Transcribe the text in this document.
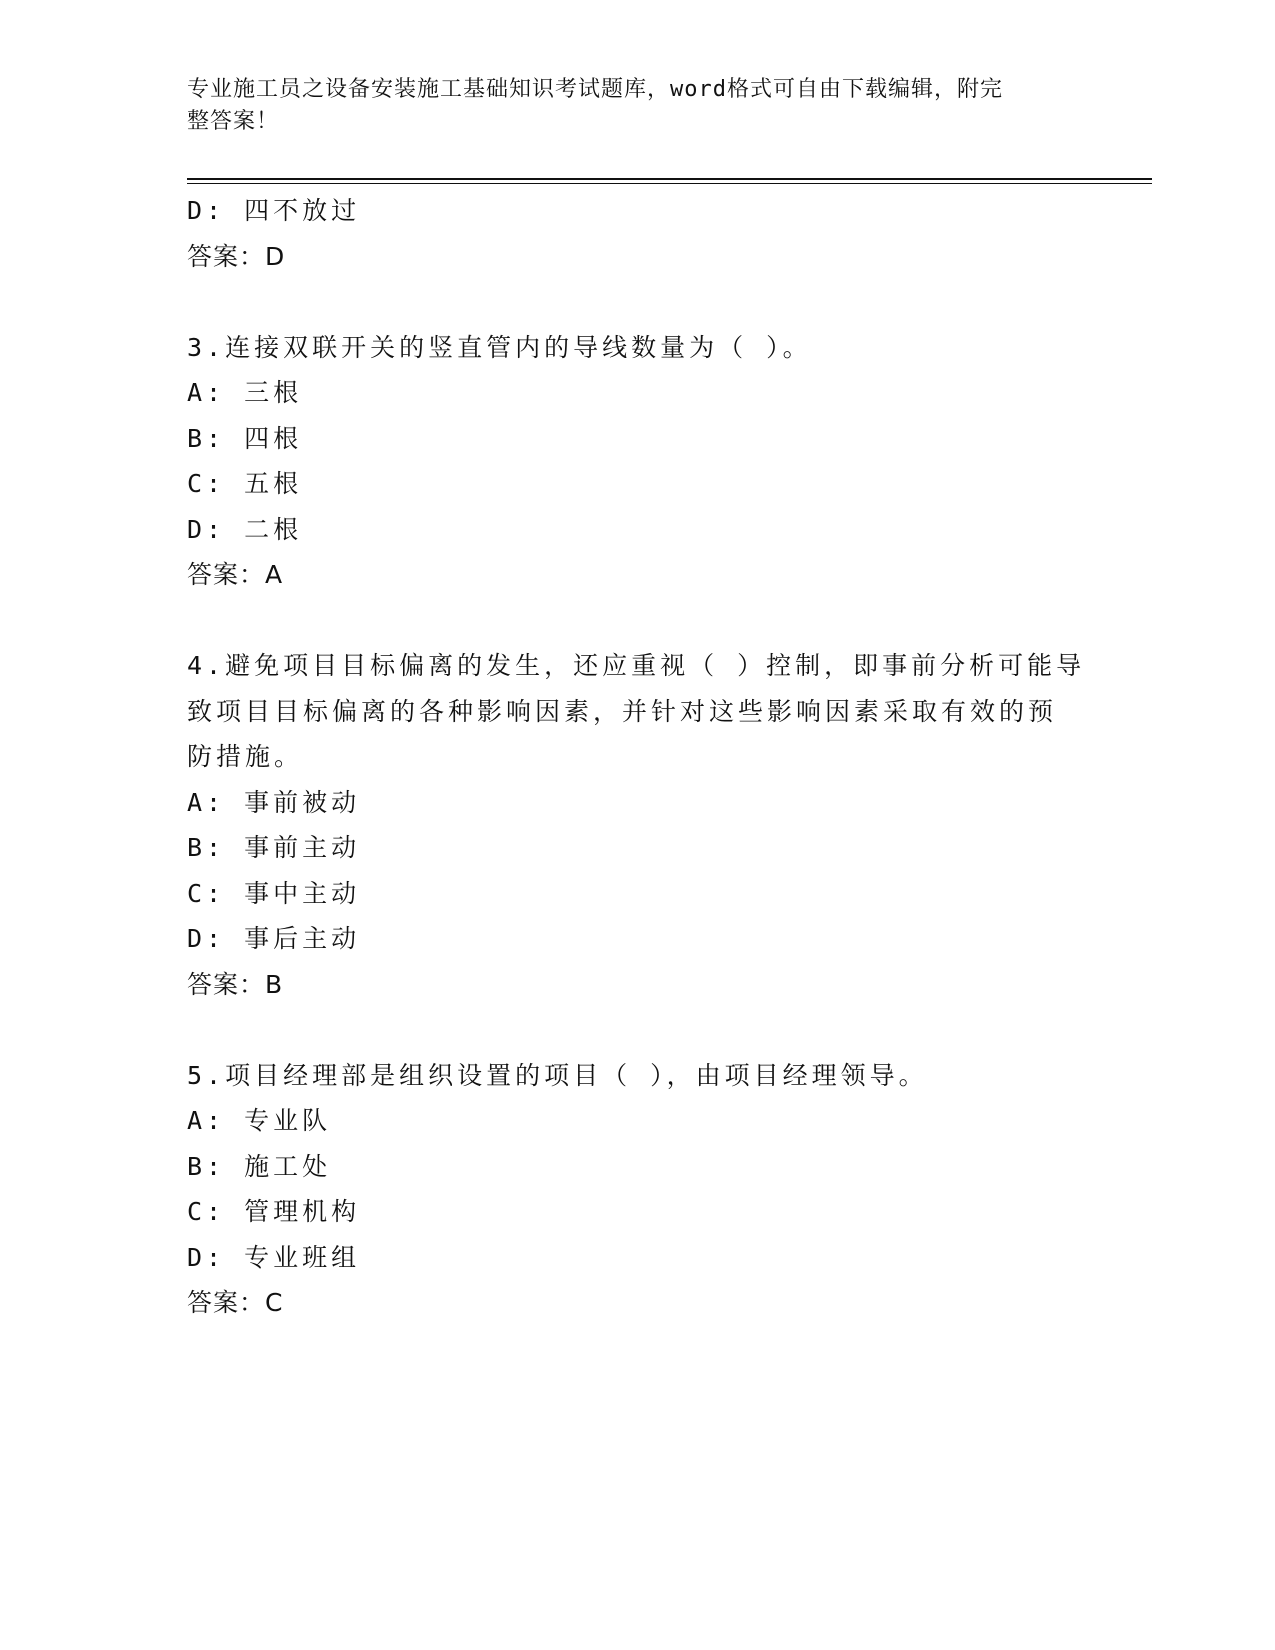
专业施工员之设备安装施工基础知识考试题库，word格式可自由下载编辑，附完
整答案！
D: 四不放过
答案：D
3.连接双联开关的竖直管内的导线数量为（ ）。
A: 三根
B: 四根
C: 五根
D: 二根
答案：A
4.避免项目目标偏离的发生，还应重视（ ）控制，即事前分析可能导
致项目目标偏离的各种影响因素，并针对这些影响因素采取有效的预
防措施。
A: 事前被动
B: 事前主动
C: 事中主动
D: 事后主动
答案：B
5.项目经理部是组织设置的项目（ ），由项目经理领导。
A: 专业队
B: 施工处
C: 管理机构
D: 专业班组
答案：C
